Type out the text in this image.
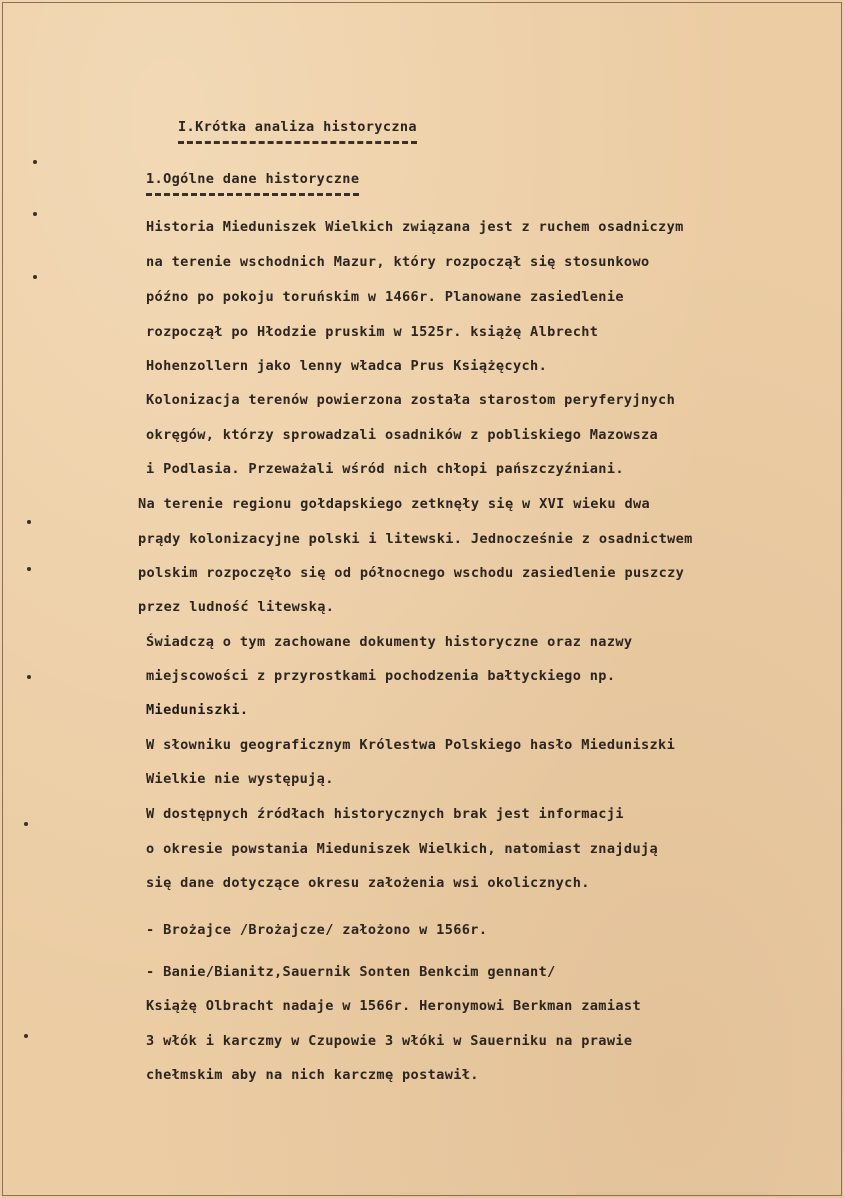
I.Krótka analiza historyczna
1.Ogólne dane historyczne
Historia Mieduniszek Wielkich związana jest z ruchem osadniczym
na terenie wschodnich Mazur, który rozpoczął się stosunkowo
późno po pokoju toruńskim w 1466r. Planowane zasiedlenie
rozpoczął po Hłodzie pruskim w 1525r. książę Albrecht
Hohenzollern jako lenny władca Prus Książęcych.
Kolonizacja terenów powierzona została starostom peryferyjnych
okręgów, którzy sprowadzali osadników z pobliskiego Mazowsza
i Podlasia. Przeważali wśród nich chłopi pańszczyźniani.
Na terenie regionu gołdapskiego zetknęły się w XVI wieku dwa
prądy kolonizacyjne polski i litewski. Jednocześnie z osadnictwem
polskim rozpoczęło się od północnego wschodu zasiedlenie puszczy
przez ludność litewską.
Świadczą o tym zachowane dokumenty historyczne oraz nazwy
miejscowości z przyrostkami pochodzenia bałtyckiego np.
Mieduniszki.
W słowniku geograficznym Królestwa Polskiego hasło Mieduniszki
Wielkie nie występują.
W dostępnych źródłach historycznych brak jest informacji
o okresie powstania Mieduniszek Wielkich, natomiast znajdują
się dane dotyczące okresu założenia wsi okolicznych.
- Brożajce /Brożajcze/ założono w 1566r.
- Banie/Bianitz,Sauernik Sonten Benkcim gennant/
Książę Olbracht nadaje w 1566r. Heronymowi Berkman zamiast
3 włók i karczmy w Czupowie 3 włóki w Sauerniku na prawie
chełmskim aby na nich karczmę postawił.
